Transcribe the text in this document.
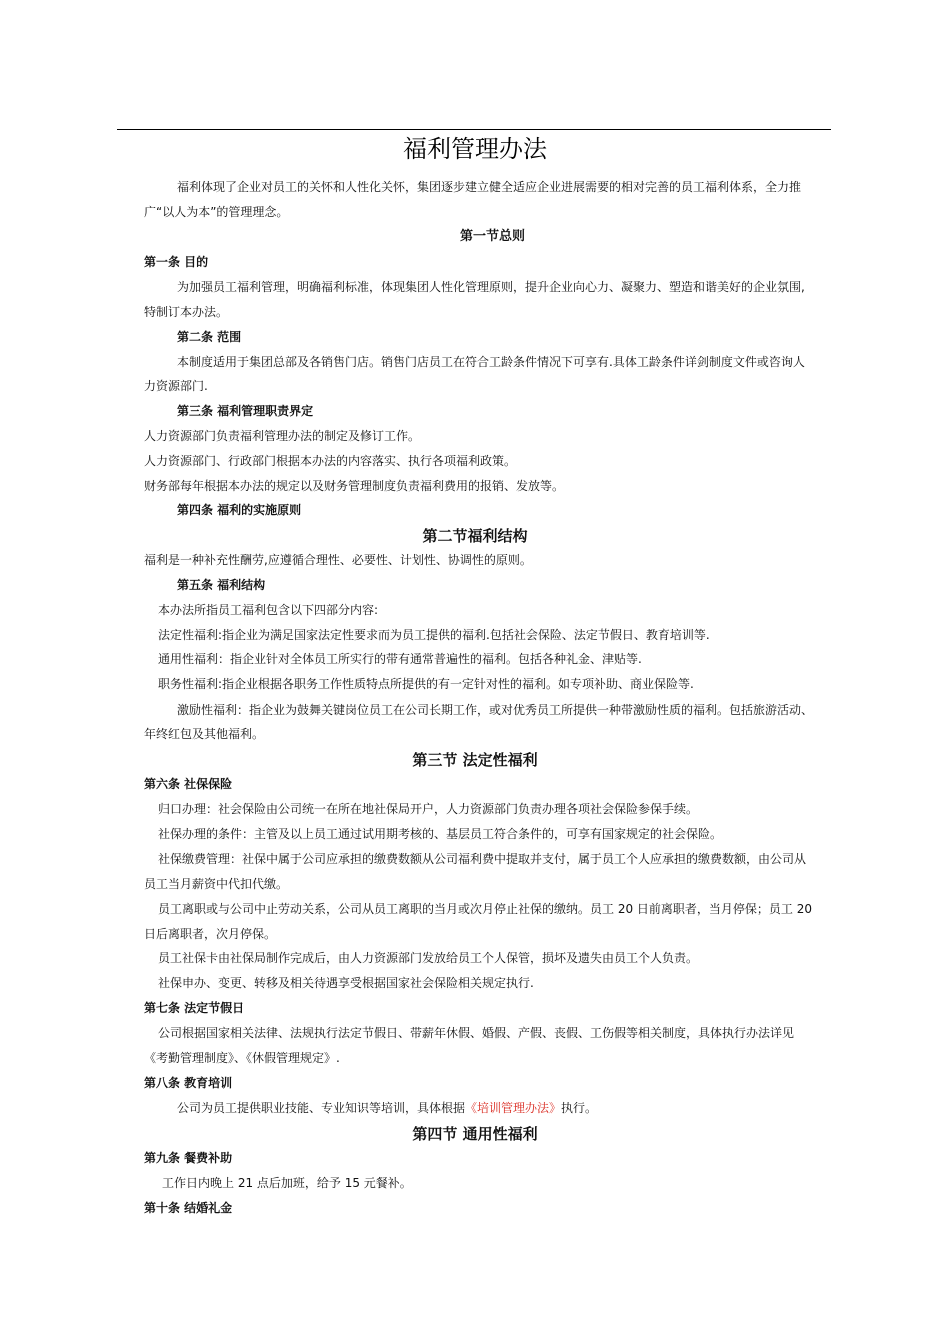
福利管理办法
福利体现了企业对员工的关怀和人性化关怀，集团逐步建立健全适应企业进展需要的相对完善的员工福利体系，全力推
广“以人为本”的管理理念。
第一节总则
第一条 目的
为加强员工福利管理，明确福利标准，体现集团人性化管理原则，提升企业向心力、凝聚力、塑造和谐美好的企业氛围,
特制订本办法。
第二条 范围
本制度适用于集团总部及各销售门店。销售门店员工在符合工龄条件情况下可享有.具体工龄条件详剑制度文件或咨询人
力资源部门.
第三条 福利管理职责界定
人力资源部门负责福利管理办法的制定及修订工作。
人力资源部门、行政部门根据本办法的内容落实、执行各项福利政策。
财务部每年根据本办法的规定以及财务管理制度负责福利费用的报销、发放等。
第四条 福利的实施原则
第二节福利结构
福利是一种补充性酬劳,应遵循合理性、必要性、计划性、协调性的原则。
第五条 福利结构
本办法所指员工福利包含以下四部分内容:
法定性福利:指企业为满足国家法定性要求而为员工提供的福利.包括社会保险、法定节假日、教育培训等.
通用性福利：指企业针对全体员工所实行的带有通常普遍性的福利。包括各种礼金、津贴等.
职务性福利:指企业根据各职务工作性质特点所提供的有一定针对性的福利。如专项补助、商业保险等.
激励性福利：指企业为鼓舞关键岗位员工在公司长期工作，或对优秀员工所提供一种带激励性质的福利。包括旅游活动、
年终红包及其他福利。
第三节 法定性福利
第六条 社保保险
归口办理：社会保险由公司统一在所在地社保局开户，人力资源部门负责办理各项社会保险参保手续。
社保办理的条件：主管及以上员工通过试用期考核的、基层员工符合条件的，可享有国家规定的社会保险。
社保缴费管理：社保中属于公司应承担的缴费数额从公司福利费中提取并支付，属于员工个人应承担的缴费数额，由公司从
员工当月薪资中代扣代缴。
员工离职或与公司中止劳动关系，公司从员工离职的当月或次月停止社保的缴纳。员工 20 日前离职者，当月停保；员工 20
日后离职者，次月停保。
员工社保卡由社保局制作完成后，由人力资源部门发放给员工个人保管，损坏及遗失由员工个人负责。
社保申办、变更、转移及相关待遇享受根据国家社会保险相关规定执行.
第七条 法定节假日
公司根据国家相关法律、法规执行法定节假日、带薪年休假、婚假、产假、丧假、工伤假等相关制度，具体执行办法详见
《考勤管理制度》、《休假管理规定》.
第八条 教育培训
公司为员工提供职业技能、专业知识等培训，具体根据《培训管理办法》执行。
第四节 通用性福利
第九条 餐费补助
工作日内晚上 21 点后加班，给予 15 元餐补。
第十条 结婚礼金
